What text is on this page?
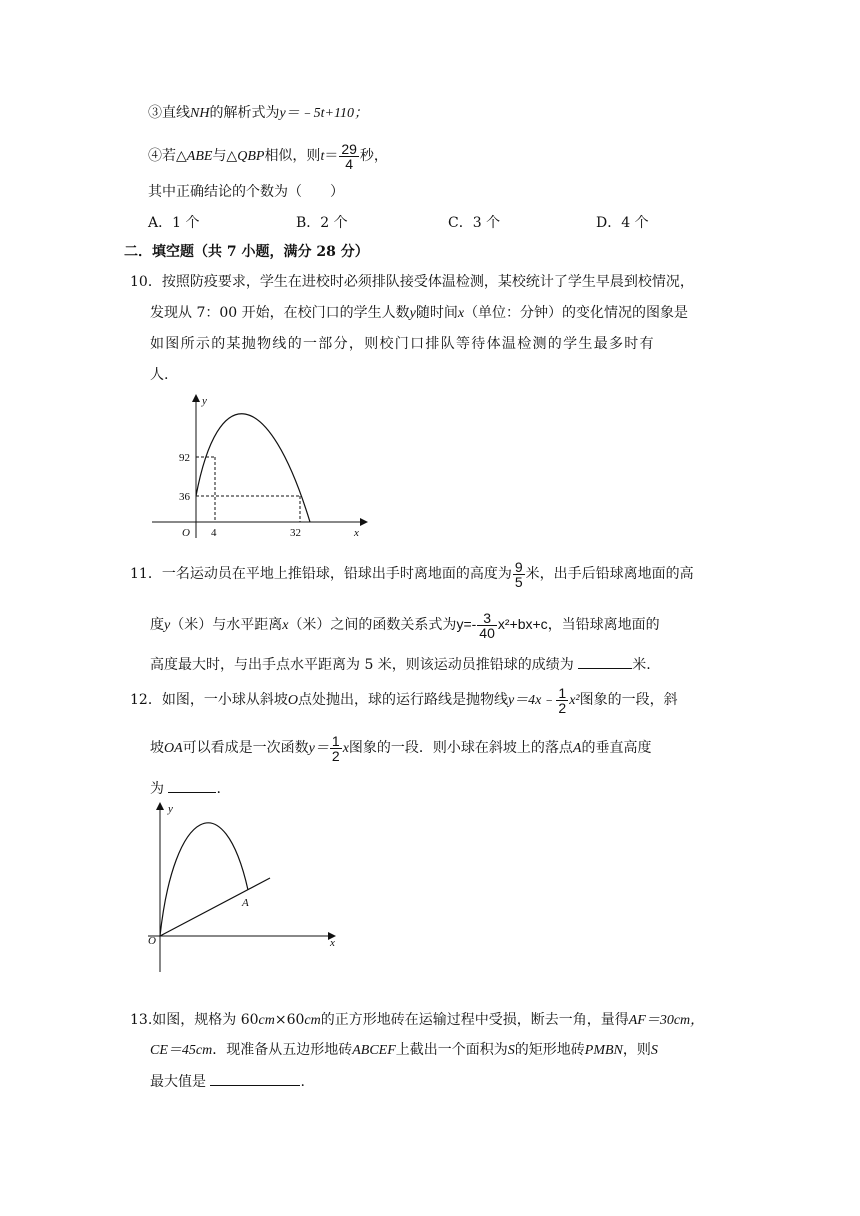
③直线NH的解析式为y＝﹣5t+110；
④若△ABE与△QBP相似，则$t= \frac{29}{4}$ 秒，
其中正确结论的个数为（　　）
A．1 个	B．2 个	C．3 个	D．4 个
二．填空题（共 7 小题，满分 28 分）
10．按照防疫要求，学生在进校时必须排队接受体温检测，某校统计了学生早晨到校情况，
发现从 7：00 开始，在校门口的学生人数y随时间x（单位：分钟）的变化情况的图象是
如图所示的某抛物线的一部分，则校门口排队等待体温检测的学生最多时有
人.
y
x
O
92
36
4	32
11．一名运动员在平地上推铅球，铅球出手时离地面的高度为 $\frac{9}{5}$ 米，出手后铅球离地面的高
度y（米）与水平距离x（米）之间的函数关系式为$y=- \frac{3}{40} x^2+bx+c$，当铅球离地面的
高度最大时，与出手点水平距离为 5 米，则该运动员推铅球的成绩为	米.
12．如图，一小球从斜坡O点处抛出，球的运行路线是抛物线y＝4x﹣ $\frac{1}{2} x^2$图象的一段，斜
坡OA可以看成是一次函数$y= \frac{1}{2}$ x图象的一段．则小球在斜坡上的落点A的垂直高度
为	.
y
x
O
A
13.如图，规格为 60cm×60cm的正方形地砖在运输过程中受损，断去一角，量得AF＝30cm，
CE＝45cm．现准备从五边形地砖ABCEF上截出一个面积为S的矩形地砖PMBN，则S
最大值是	.
